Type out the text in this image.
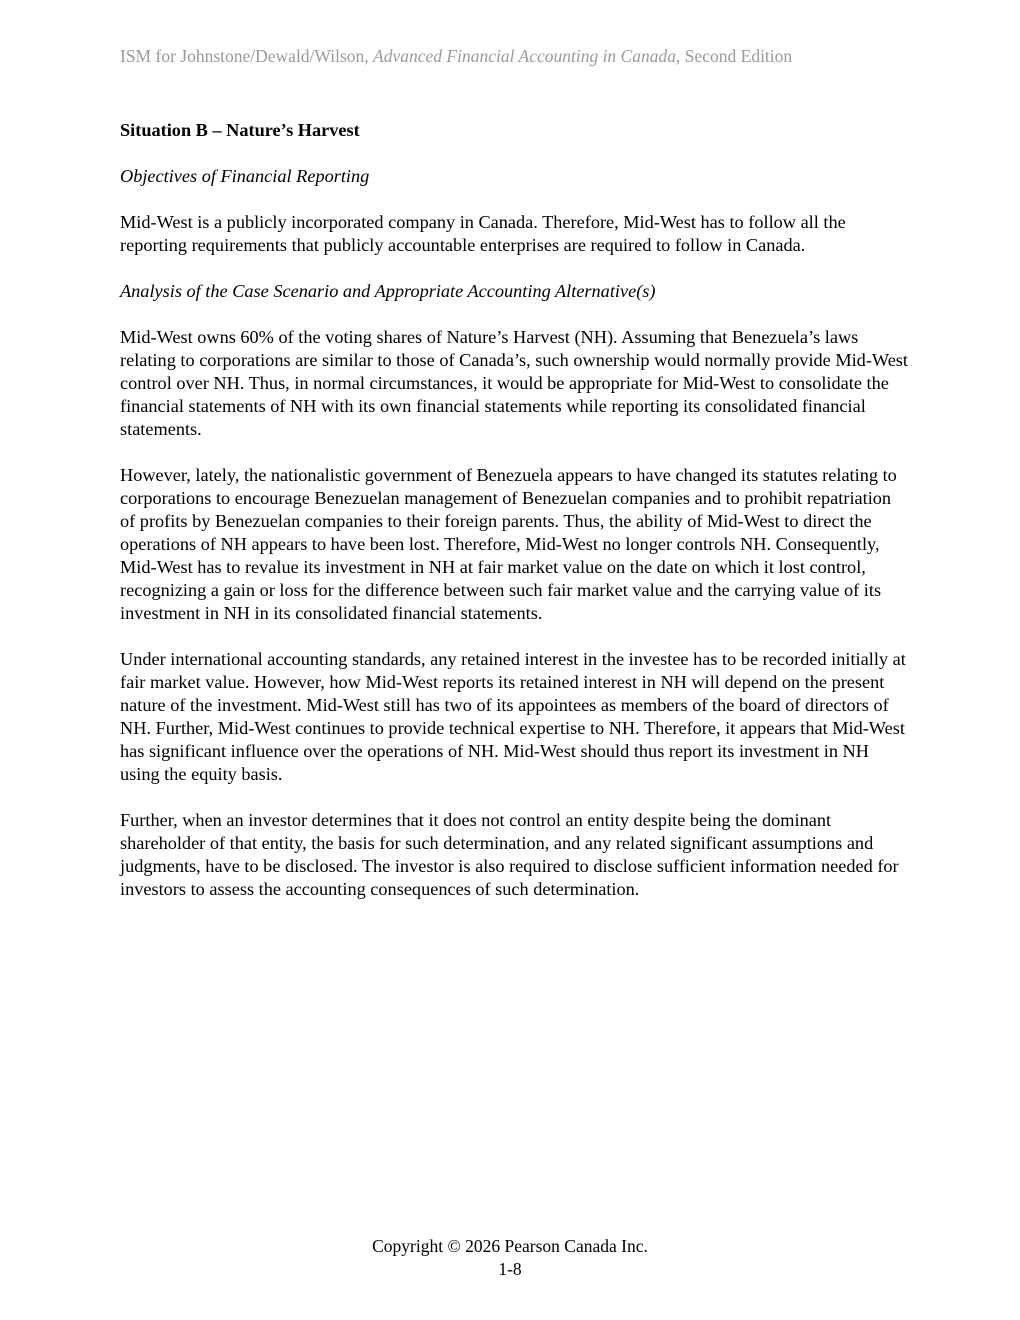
ISM for Johnstone/Dewald/Wilson, Advanced Financial Accounting in Canada, Second Edition

Situation B – Nature’s Harvest

Objectives of Financial Reporting

Mid-West is a publicly incorporated company in Canada. Therefore, Mid-West has to follow all the reporting requirements that publicly accountable enterprises are required to follow in Canada.

Analysis of the Case Scenario and Appropriate Accounting Alternative(s)

Mid-West owns 60% of the voting shares of Nature’s Harvest (NH). Assuming that Benezuela’s laws relating to corporations are similar to those of Canada’s, such ownership would normally provide Mid-West control over NH. Thus, in normal circumstances, it would be appropriate for Mid-West to consolidate the financial statements of NH with its own financial statements while reporting its consolidated financial statements.

However, lately, the nationalistic government of Benezuela appears to have changed its statutes relating to corporations to encourage Benezuelan management of Benezuelan companies and to prohibit repatriation of profits by Benezuelan companies to their foreign parents. Thus, the ability of Mid-West to direct the operations of NH appears to have been lost. Therefore, Mid-West no longer controls NH. Consequently, Mid-West has to revalue its investment in NH at fair market value on the date on which it lost control, recognizing a gain or loss for the difference between such fair market value and the carrying value of its investment in NH in its consolidated financial statements.

Under international accounting standards, any retained interest in the investee has to be recorded initially at fair market value. However, how Mid-West reports its retained interest in NH will depend on the present nature of the investment. Mid-West still has two of its appointees as members of the board of directors of NH. Further, Mid-West continues to provide technical expertise to NH. Therefore, it appears that Mid-West has significant influence over the operations of NH. Mid-West should thus report its investment in NH using the equity basis.

Further, when an investor determines that it does not control an entity despite being the dominant shareholder of that entity, the basis for such determination, and any related significant assumptions and judgments, have to be disclosed. The investor is also required to disclose sufficient information needed for investors to assess the accounting consequences of such determination.

Copyright © 2026 Pearson Canada Inc.
1-8
